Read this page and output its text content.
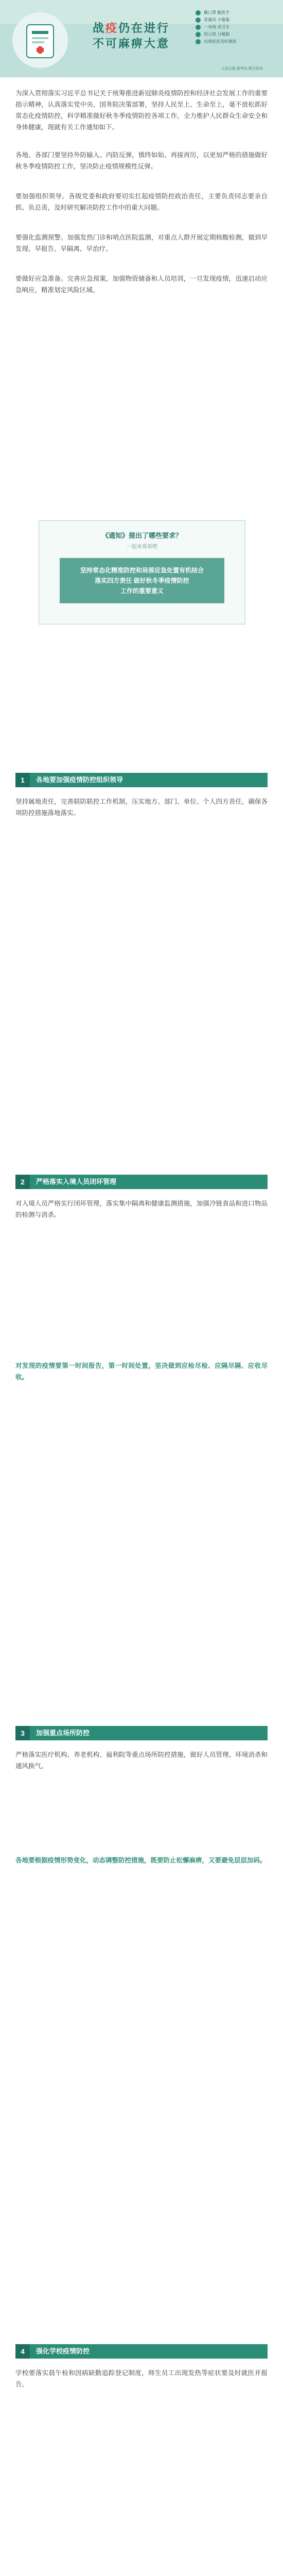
战疫仍在进行
不可麻痹大意
戴口罩 勤洗手
常通风 少聚集
一米线 讲卫生
用公筷 分餐制
出现症状及时就医
人民日报 新华社 联合发布
为深入贯彻落实习近平总书记关于统筹推进新冠肺炎疫情防控和经济社会发展工作的重要指示精神，认真落实党中央、国务院决策部署，坚持人民至上、生命至上，毫不放松抓好常态化疫情防控，科学精准做好秋冬季疫情防控各项工作，全力维护人民群众生命安全和身体健康，现就有关工作通知如下。
各地、各部门要坚持外防输入、内防反弹，慎终如始、再接再厉，以更加严格的措施做好秋冬季疫情防控工作，坚决防止疫情规模性反弹。
要加强组织领导。各级党委和政府要切实扛起疫情防控政治责任，主要负责同志要亲自抓、负总责，及时研究解决防控工作中的重大问题。
要强化监测预警。加强发热门诊和哨点医院监测，对重点人群开展定期核酸检测，做到早发现、早报告、早隔离、早治疗。
要做好应急准备。完善应急预案，加强物资储备和人员培训，一旦发现疫情，迅速启动应急响应，精准划定风险区域。
《通知》提出了哪些要求？
一起来看看吧
坚持常态化精准防控和局部应急处置有机结合
落实四方责任 做好秋冬季疫情防控
工作的重要意义
1	各地要加强疫情防控组织领导
坚持属地责任，完善联防联控工作机制，压实地方、部门、单位、个人四方责任，确保各项防控措施落地落实。
2	严格落实入境人员闭环管理
对入境人员严格实行闭环管理，落实集中隔离和健康监测措施，加强冷链食品和进口物品的检测与消杀。
对发现的疫情要第一时间报告，第一时间处置，坚决做到应检尽检、应隔尽隔、应收尽收。
3	加强重点场所防控
严格落实医疗机构、养老机构、福利院等重点场所防控措施，做好人员管理、环境消杀和通风换气。
各地要根据疫情形势变化，动态调整防控措施，既要防止松懈麻痹，又要避免层层加码。
4	强化学校疫情防控
学校要落实晨午检和因病缺勤追踪登记制度，师生员工出现发热等症状要及时就医并报告。
